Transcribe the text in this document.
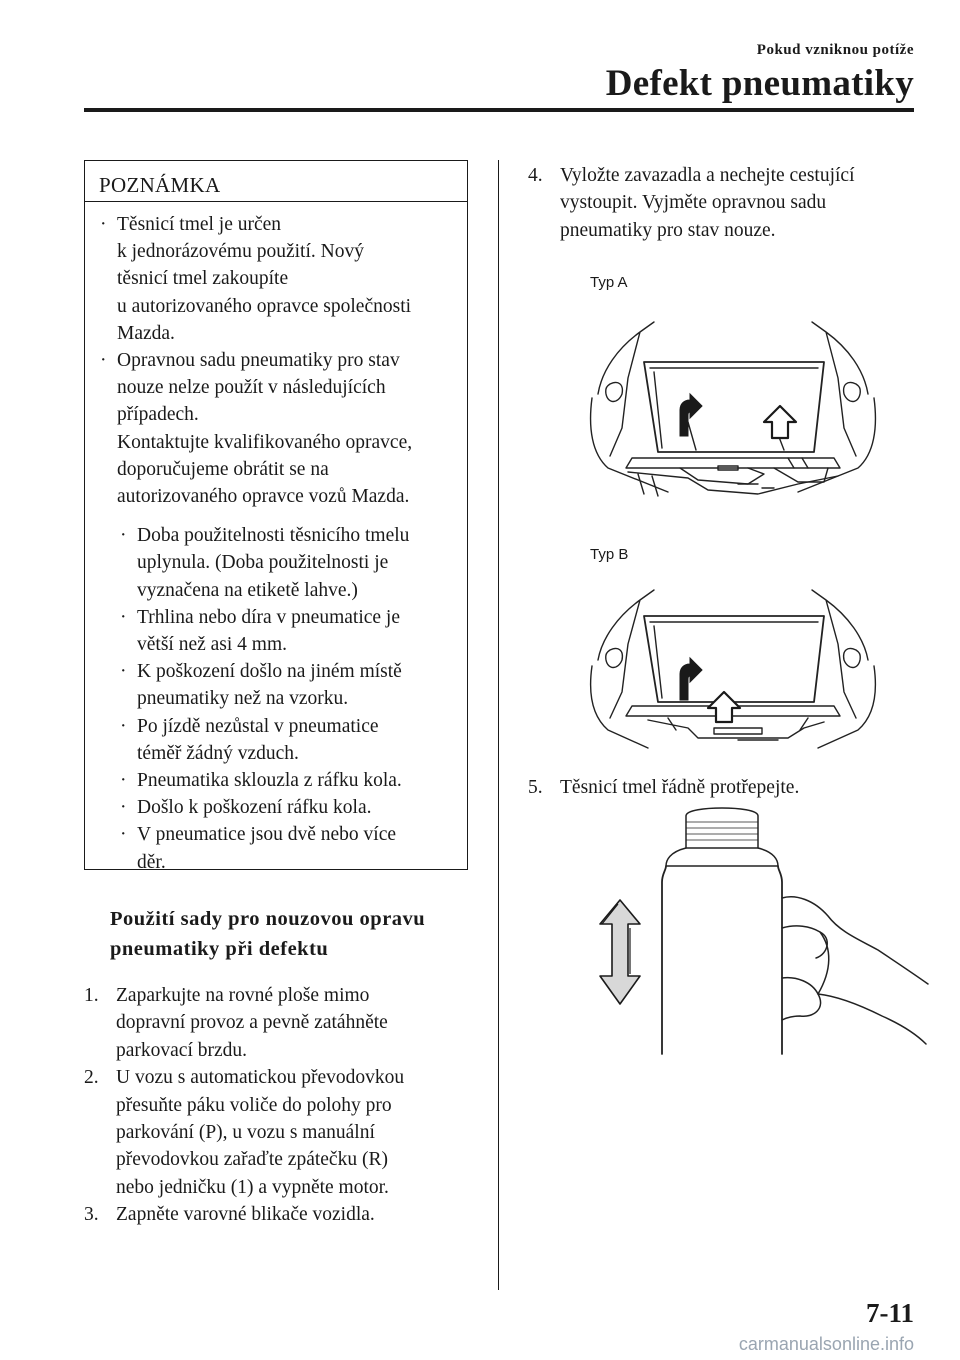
Pokud vzniknou potíže
Defekt pneumatiky
POZNÁMKA
· Těsnicí tmel je určen
k jednorázovému použití. Nový
těsnicí tmel zakoupíte
u autorizovaného opravce společnosti
Mazda.
· Opravnou sadu pneumatiky pro stav
nouze nelze použít v následujících
případech.
Kontaktujte kvalifikovaného opravce,
doporučujeme obrátit se na
autorizovaného opravce vozů Mazda.
· Doba použitelnosti těsnicího tmelu
uplynula. (Doba použitelnosti je
vyznačena na etiketě lahve.)
· Trhlina nebo díra v pneumatice je
větší než asi 4 mm.
· K poškození došlo na jiném místě
pneumatiky než na vzorku.
· Po jízdě nezůstal v pneumatice
téměř žádný vzduch.
· Pneumatika sklouzla z ráfku kola.
· Došlo k poškození ráfku kola.
· V pneumatice jsou dvě nebo více
děr.
Použití sady pro nouzovou opravu
pneumatiky při defektu
1. Zaparkujte na rovné ploše mimo
dopravní provoz a pevně zatáhněte
parkovací brzdu.
2. U vozu s automatickou převodovkou
přesuňte páku voliče do polohy pro
parkování (P), u vozu s manuální
převodovkou zařaďte zpátečku (R)
nebo jedničku (1) a vypněte motor.
3. Zapněte varovné blikače vozidla.
4. Vyložte zavazadla a nechejte cestující
vystoupit. Vyjměte opravnou sadu
pneumatiky pro stav nouze.
Typ A
Typ B
5. Těsnicí tmel řádně protřepejte.
7-11
carmanualsonline.info
